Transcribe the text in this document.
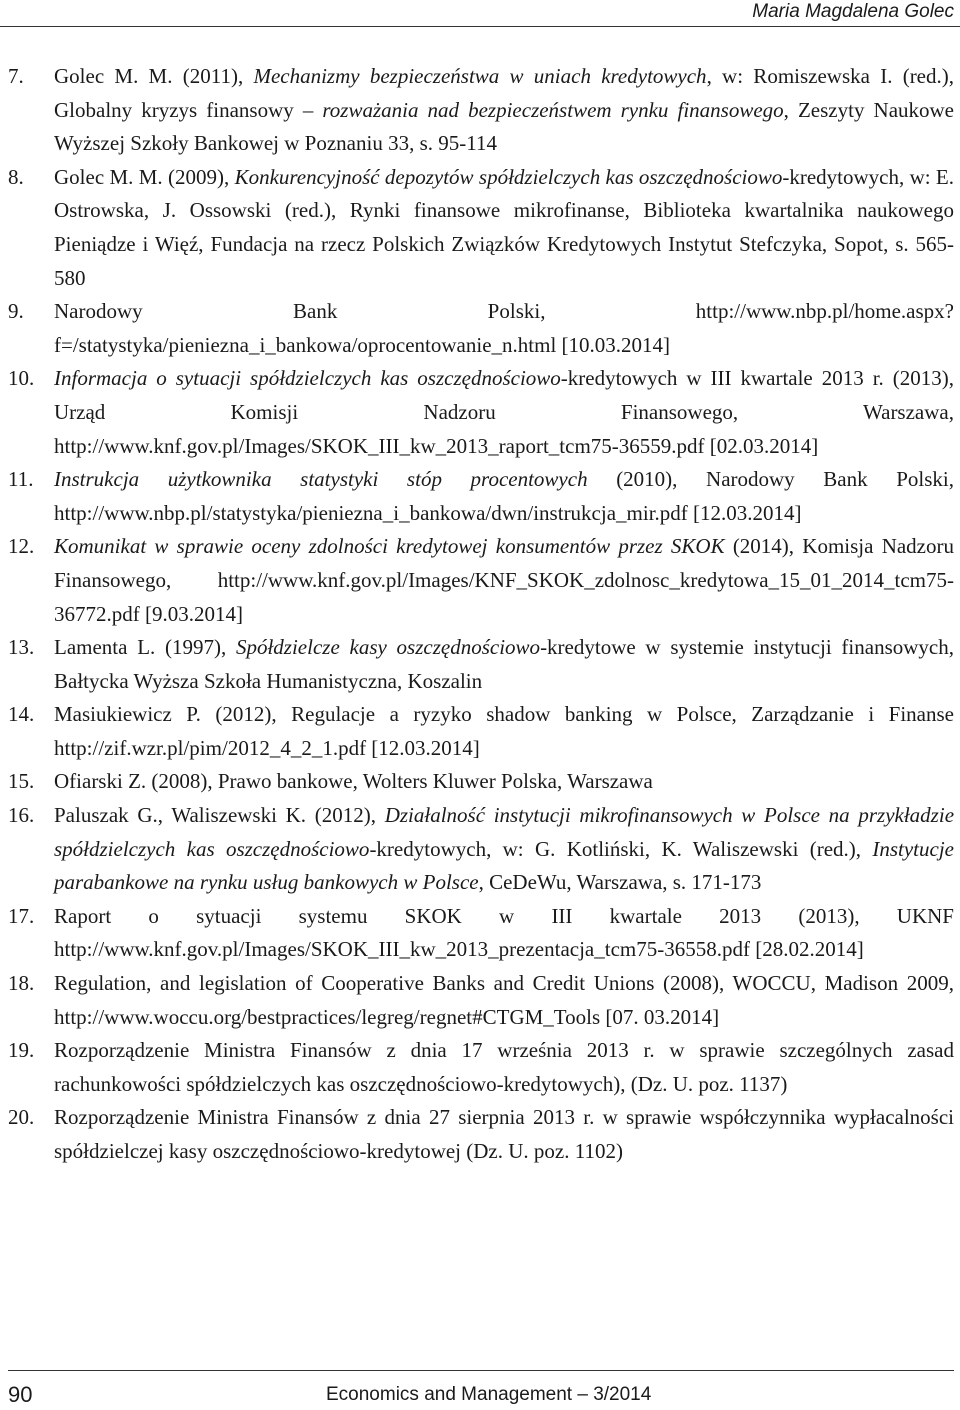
Maria Magdalena Golec
7. Golec M. M. (2011), Mechanizmy bezpieczeństwa w uniach kredytowych, w: Romiszewska I. (red.), Globalny kryzys finansowy – rozważania nad bezpieczeństwem rynku finansowego, Zeszyty Naukowe Wyższej Szkoły Bankowej w Poznaniu 33, s. 95-114
8. Golec M. M. (2009), Konkurencyjność depozytów spółdzielczych kas oszczędnościowo-kredytowych, w: E. Ostrowska, J. Ossowski (red.), Rynki finansowe mikrofinanse, Biblioteka kwartalnika naukowego Pieniądze i Więź, Fundacja na rzecz Polskich Związków Kredytowych Instytut Stefczyka, Sopot, s. 565-580
9. Narodowy Bank Polski, http://www.nbp.pl/home.aspx?f=/statystyka/pieniezna_i_bankowa/oprocentowanie_n.html [10.03.2014]
10. Informacja o sytuacji spółdzielczych kas oszczędnościowo-kredytowych w III kwartale 2013 r. (2013), Urząd Komisji Nadzoru Finansowego, Warszawa, http://www.knf.gov.pl/Images/SKOK_III_kw_2013_raport_tcm75-36559.pdf [02.03.2014]
11. Instrukcja użytkownika statystyki stóp procentowych (2010), Narodowy Bank Polski, http://www.nbp.pl/statystyka/pieniezna_i_bankowa/dwn/instrukcja_mir.pdf [12.03.2014]
12. Komunikat w sprawie oceny zdolności kredytowej konsumentów przez SKOK (2014), Komisja Nadzoru Finansowego, http://www.knf.gov.pl/Images/KNF_SKOK_zdolnosc_kredytowa_15_01_2014_tcm75-36772.pdf [9.03.2014]
13. Lamenta L. (1997), Spółdzielcze kasy oszczędnościowo-kredytowe w systemie instytucji finansowych, Bałtycka Wyższa Szkoła Humanistyczna, Koszalin
14. Masiukiewicz P. (2012), Regulacje a ryzyko shadow banking w Polsce, Zarządzanie i Finanse http://zif.wzr.pl/pim/2012_4_2_1.pdf [12.03.2014]
15. Ofiarski Z. (2008), Prawo bankowe, Wolters Kluwer Polska, Warszawa
16. Paluszak G., Waliszewski K. (2012), Działalność instytucji mikrofinansowych w Polsce na przykładzie spółdzielczych kas oszczędnościowo-kredytowych, w: G. Kotliński, K. Waliszewski (red.), Instytucje parabankowe na rynku usług bankowych w Polsce, CeDeWu, Warszawa, s. 171-173
17. Raport o sytuacji systemu SKOK w III kwartale 2013 (2013), UKNF http://www.knf.gov.pl/Images/SKOK_III_kw_2013_prezentacja_tcm75-36558.pdf [28.02.2014]
18. Regulation, and legislation of Cooperative Banks and Credit Unions (2008), WOCCU, Madison 2009, http://www.woccu.org/bestpractices/legreg/regnet#CTGM_Tools [07. 03.2014]
19. Rozporządzenie Ministra Finansów z dnia 17 września 2013 r. w sprawie szczególnych zasad rachunkowości spółdzielczych kas oszczędnościowo-kredytowych), (Dz. U. poz. 1137)
20. Rozporządzenie Ministra Finansów z dnia 27 sierpnia 2013 r. w sprawie współczynnika wypłacalności spółdzielczej kasy oszczędnościowo-kredytowej (Dz. U. poz. 1102)
90	Economics and Management – 3/2014
